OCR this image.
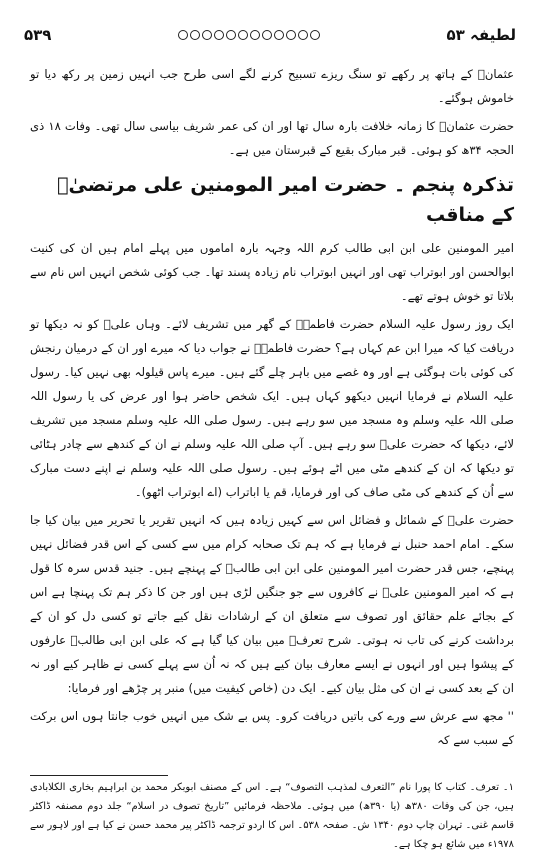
۵۳۹	لطیفہ ۵۳

عثمانؓ کے ہاتھ پر رکھے تو سنگ ریزے تسبیح کرنے لگے اسی طرح جب انہیں زمین پر رکھ دیا تو خاموش ہوگئے۔

حضرت عثمانؓ کا زمانہ خلافت بارہ سال تھا اور ان کی عمر شریف بیاسی سال تھی۔ وفات ۱۸ ذی الحجہ ۳۴ھ کو ہوئی۔ قبر مبارک بقیع کے قبرستان میں ہے۔

تذکرہ پنجم ۔ حضرت امیر المومنین علی مرتضیٰؓ کے مناقب

امیر المومنین علی ابن ابی طالب کرم اللہ وجہہ بارہ اماموں میں پہلے امام ہیں ان کی کنیت ابوالحسن اور ابوتراب تھی اور انہیں ابوتراب نام زیادہ پسند تھا۔ جب کوئی شخص انہیں اس نام سے بلاتا تو خوش ہوتے تھے۔

ایک روز رسول علیہ السلام حضرت فاطمہؓ کے گھر میں تشریف لائے۔ وہاں علیؓ کو نہ دیکھا تو دریافت کیا کہ میرا ابن عم کہاں ہے؟ حضرت فاطمہؓ نے جواب دیا کہ میرے اور ان کے درمیان رنجش کی کوئی بات ہوگئی ہے اور وہ غصے میں باہر چلے گئے ہیں۔ میرے پاس قیلولہ بھی نہیں کیا۔ رسول علیہ السلام نے فرمایا انہیں دیکھو کہاں ہیں۔ ایک شخص حاضر ہوا اور عرض کی یا رسول اللہ صلی اللہ علیہ وسلم وہ مسجد میں سو رہے ہیں۔ رسول صلی اللہ علیہ وسلم مسجد میں تشریف لائے، دیکھا کہ حضرت علیؓ سو رہے ہیں۔ آپ صلی اللہ علیہ وسلم نے ان کے کندھے سے چادر ہٹائی تو دیکھا کہ ان کے کندھے مٹی میں اٹے ہوئے ہیں۔ رسول صلی اللہ علیہ وسلم نے اپنے دست مبارک سے اُن کے کندھے کی مٹی صاف کی اور فرمایا، قم یا اباتراب (اے ابوتراب اٹھو)۔

حضرت علیؓ کے شمائل و فضائل اس سے کہیں زیادہ ہیں کہ انہیں تقریر یا تحریر میں بیان کیا جا سکے۔ امام احمد حنبل نے فرمایا ہے کہ ہم تک صحابہ کرام میں سے کسی کے اس قدر فضائل نہیں پہنچے، جس قدر حضرت امیر المومنین علی ابن ابی طالبؓ کے پہنچے ہیں۔ جنید قدس سرہ کا قول ہے کہ امیر المومنین علیؓ نے کافروں سے جو جنگیں لڑی ہیں اور جن کا ذکر ہم تک پہنچا ہے اس کے بجائے علم حقائق اور تصوف سے متعلق ان کے ارشادات نقل کیے جاتے تو کسی دل کو ان کے برداشت کرنے کی تاب نہ ہوتی۔ شرح تعرفؒ میں بیان کیا گیا ہے کہ علی ابن ابی طالبؓ عارفوں کے پیشوا ہیں اور انہوں نے ایسے معارف بیان کیے ہیں کہ نہ اُن سے پہلے کسی نے ظاہر کیے اور نہ ان کے بعد کسی نے ان کی مثل بیان کیے۔ ایک دن (خاص کیفیت میں) منبر پر چڑھے اور فرمایا:

'' مجھ سے عرش سے ورے کی باتیں دریافت کرو۔ پس بے شک میں انہیں خوب جانتا ہوں اس برکت کے سبب سے کہ

۱۔ تعرف۔ کتاب کا پورا نام ”التعرف لمذہب التصوف“ ہے۔ اس کے مصنف ابوبکر محمد بن ابراہیم بخاری الکلابادی ہیں، جن کی وفات ۳۸۰ھ (یا ۳۹۰ھ) میں ہوئی۔ ملاحظہ فرمائیں ”تاریخ تصوف در اسلام“ جلد دوم مصنفہ ڈاکٹر قاسم غنی۔ تہران چاپ دوم ۱۳۴۰ ش۔ صفحہ ۵۳۸۔ اس کا اردو ترجمہ ڈاکٹر پیر محمد حسن نے کیا ہے اور لاہور سے ۱۹۷۸ء میں شائع ہو چکا ہے۔
